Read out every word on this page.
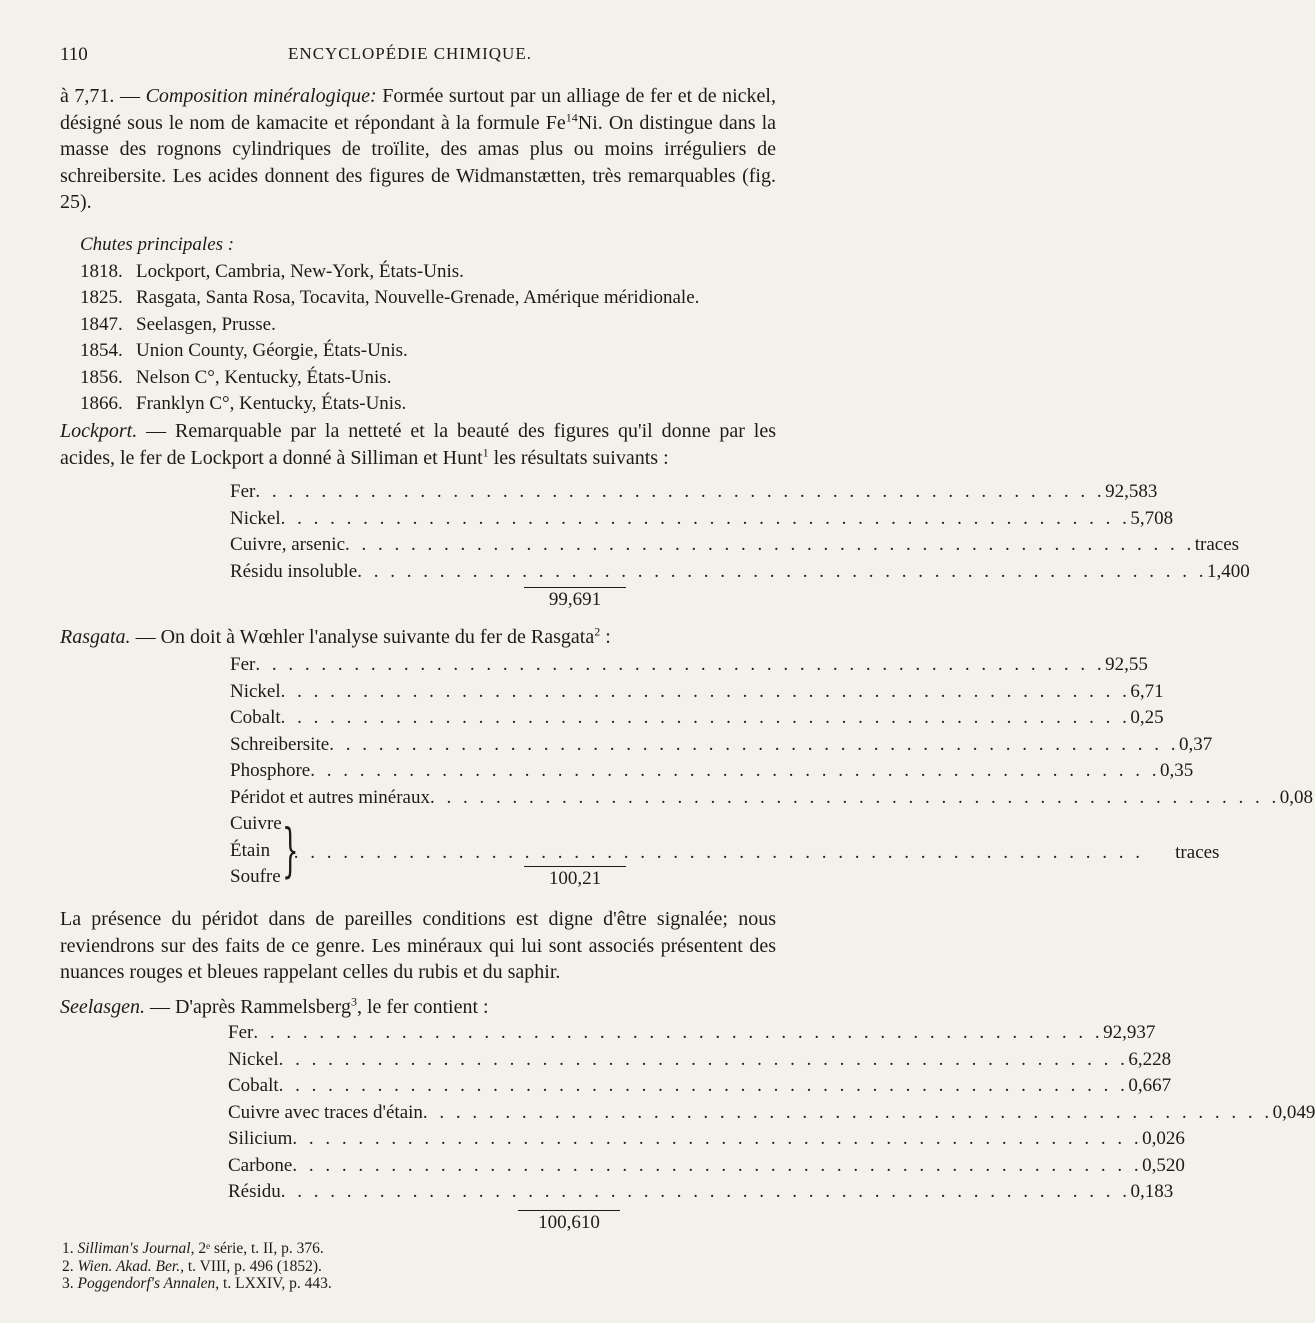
110	ENCYCLOPÉDIE CHIMIQUE.
à 7,71. — Composition minéralogique: Formée surtout par un alliage de fer et de nickel, désigné sous le nom de kamacite et répondant à la formule Fe$^{14}$Ni. On distingue dans la masse des rognons cylindriques de troïlite, des amas plus ou moins irréguliers de schreibersite. Les acides donnent des figures de Widmanstætten, très remarquables (fig. 25).
Chutes principales :
1818. Lockport, Cambria, New-York, États-Unis.
1825. Rasgata, Santa Rosa, Tocavita, Nouvelle-Grenade, Amérique méridionale.
1847. Seelasgen, Prusse.
1854. Union County, Géorgie, États-Unis.
1856. Nelson C°, Kentucky, États-Unis.
1866. Franklyn C°, Kentucky, États-Unis.
Lockport. — Remarquable par la netteté et la beauté des figures qu'il donne par les acides, le fer de Lockport a donné à Silliman et Hunt$^1$ les résultats suivants :
Fer . . .	92,583
Nickel . . .	5,708
Cuivre, arsenic . . .	traces
Résidu insoluble . . .	1,400
99,691
Rasgata. — On doit à Wœhler l'analyse suivante du fer de Rasgata$^2$ :
Fer . . .	92,55
Nickel . . .	6,71
Cobalt . . .	0,25
Schreibersite . . .	0,37
Phosphore . . .	0,35
Péridot et autres minéraux . . .	0,08
Cuivre
Étain
Soufre } . . .	traces
100,21
La présence du péridot dans de pareilles conditions est digne d'être signalée; nous reviendrons sur des faits de ce genre. Les minéraux qui lui sont associés présentent des nuances rouges et bleues rappelant celles du rubis et du saphir.
Seelasgen. — D'après Rammelsberg$^3$, le fer contient :
Fer . . .	92,937
Nickel . . .	6,228
Cobalt . . .	0,667
Cuivre avec traces d'étain . . .	0,049
Silicium . . .	0,026
Carbone . . .	0,520
Résidu . . .	0,183
100,610
1. Silliman's Journal, 2ᵉ série, t. II, p. 376.
2. Wien. Akad. Ber., t. VIII, p. 496 (1852).
3. Poggendorf's Annalen, t. LXXIV, p. 443.
